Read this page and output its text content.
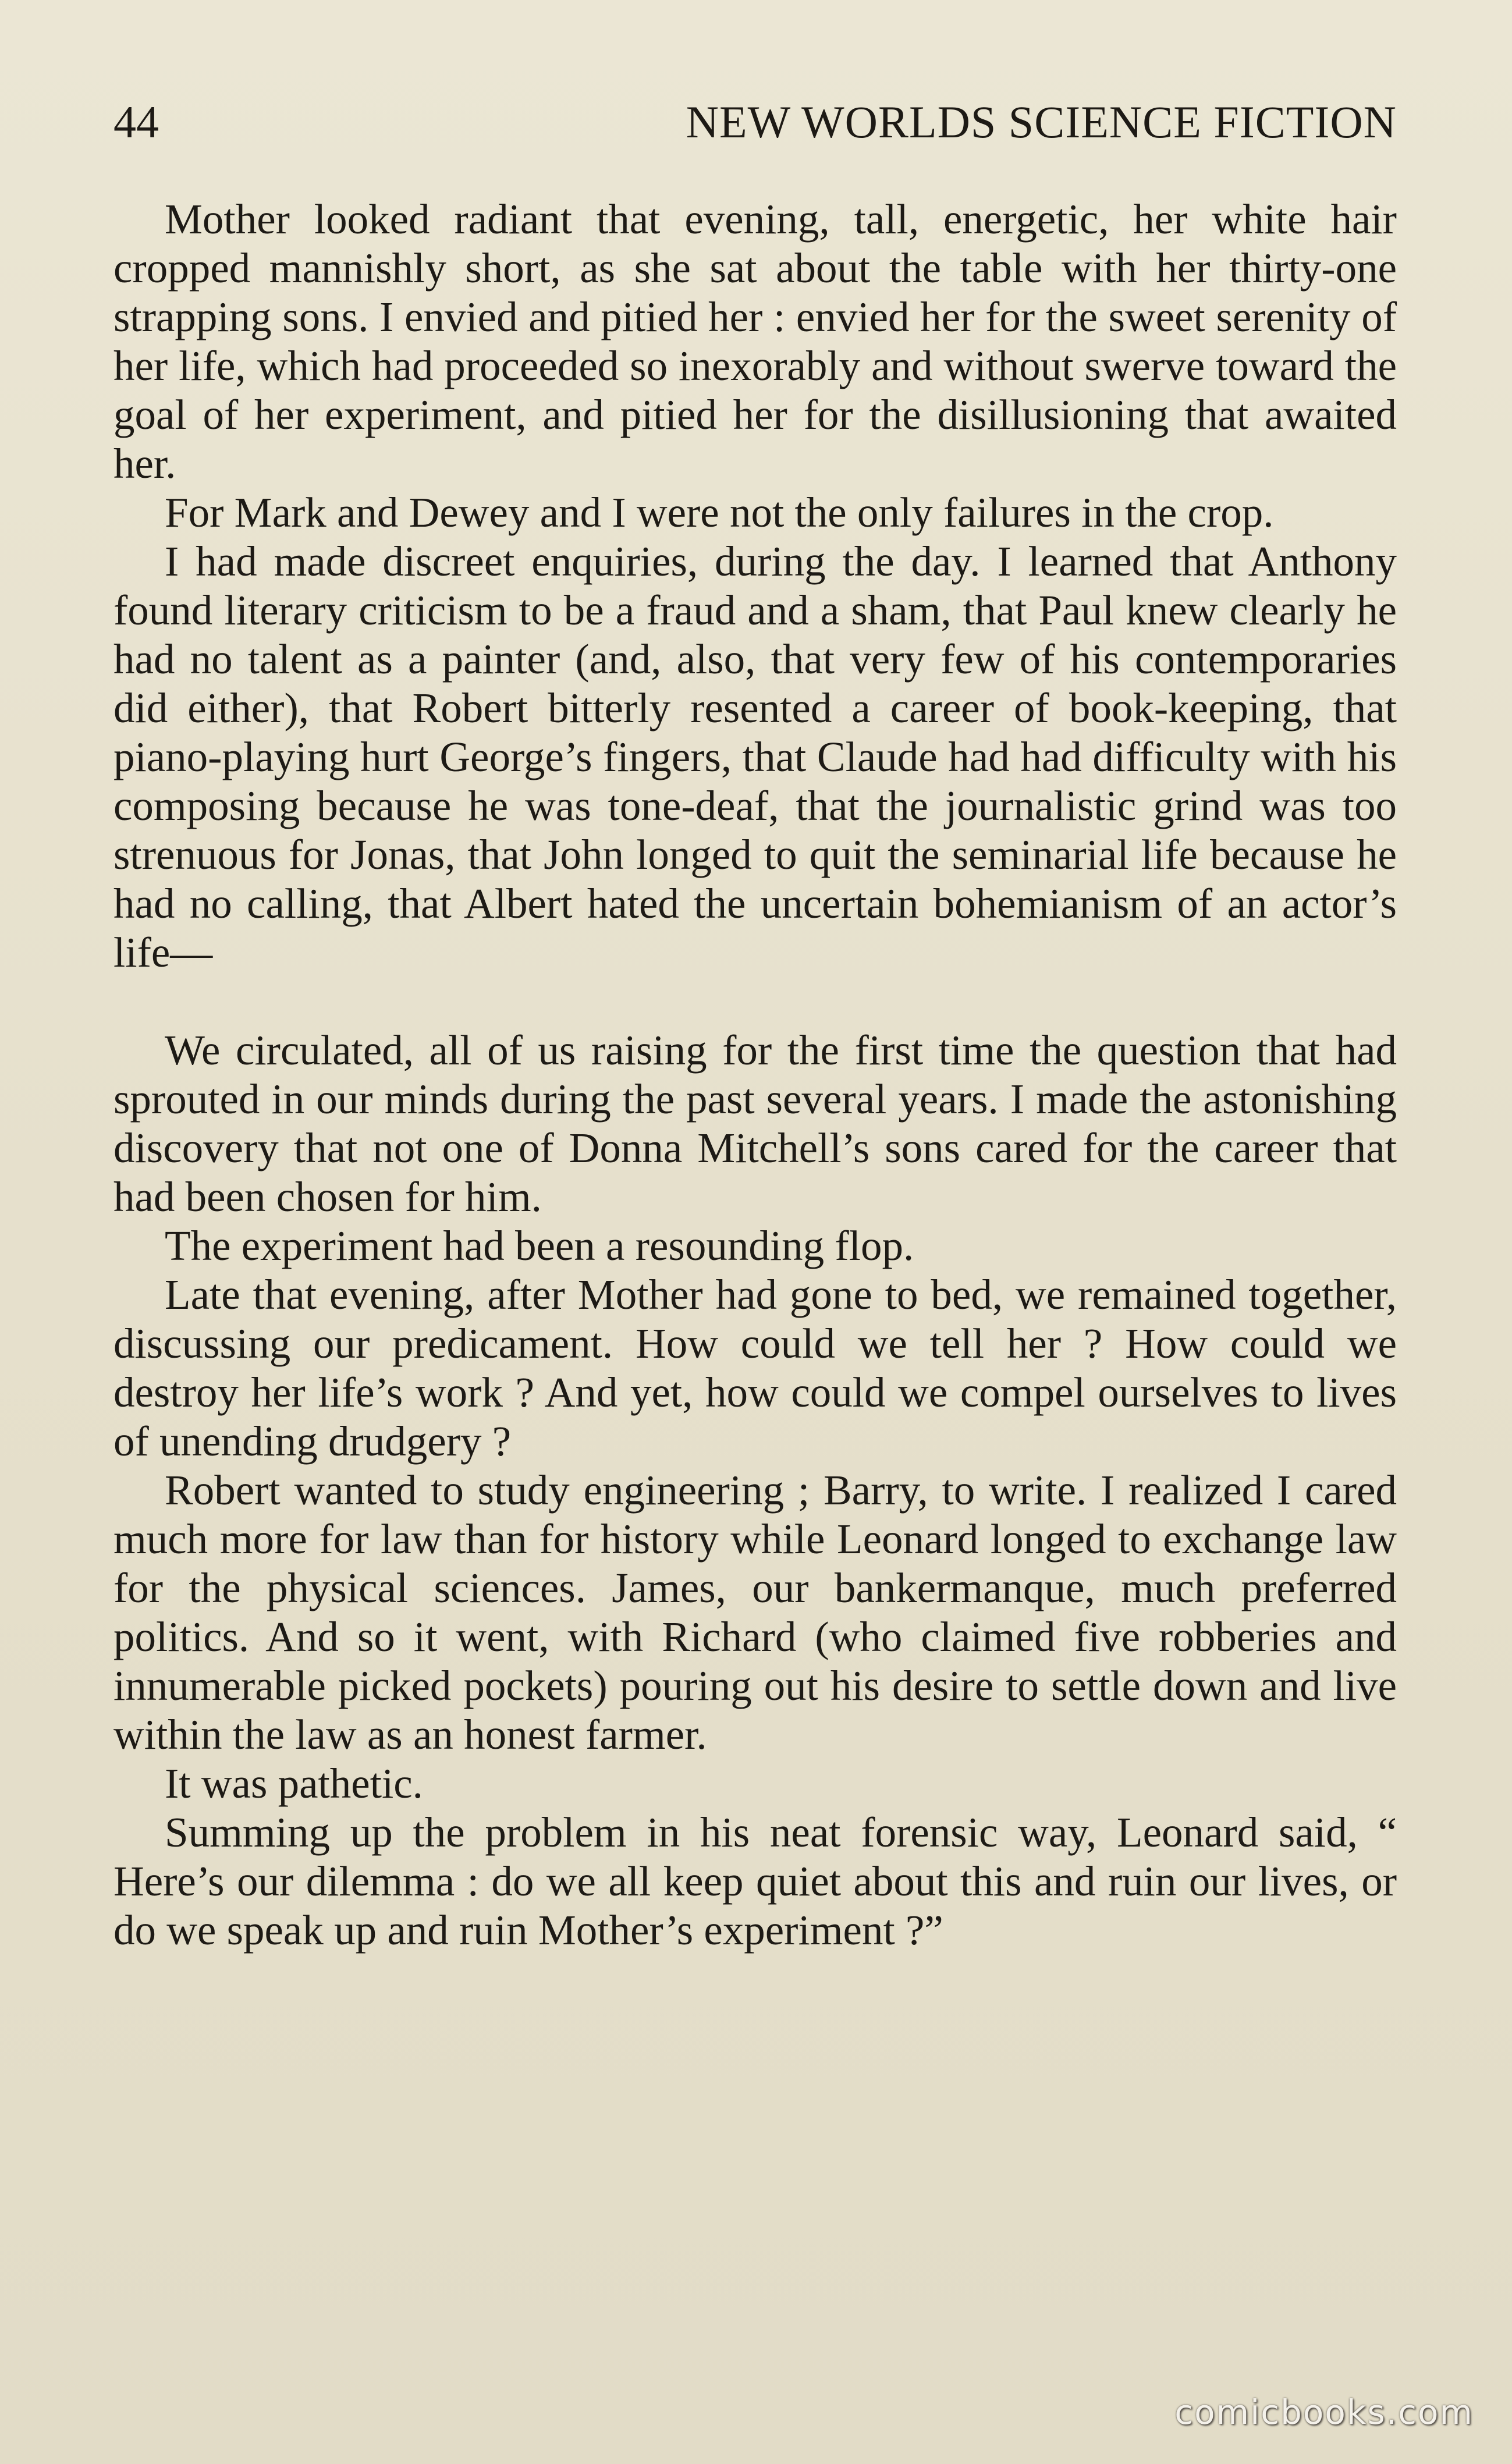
44	NEW WORLDS SCIENCE FICTION

Mother looked radiant that evening, tall, energetic, her white hair cropped mannishly short, as she sat about the table with her thirty-one strapping sons. I envied and pitied her : envied her for the sweet serenity of her life, which had proceeded so inexorably and without swerve toward the goal of her experiment, and pitied her for the disillusioning that awaited her.

For Mark and Dewey and I were not the only failures in the crop.

I had made discreet enquiries, during the day. I learned that Anthony found literary criticism to be a fraud and a sham, that Paul knew clearly he had no talent as a painter (and, also, that very few of his contemporaries did either), that Robert bitterly resented a career of book-keeping, that piano-playing hurt George’s fingers, that Claude had had difficulty with his composing because he was tone-deaf, that the journalistic grind was too strenuous for Jonas, that John longed to quit the seminarial life because he had no calling, that Albert hated the uncertain bohemianism of an actor’s life—

We circulated, all of us raising for the first time the question that had sprouted in our minds during the past several years. I made the astonishing discovery that not one of Donna Mitchell’s sons cared for the career that had been chosen for him.

The experiment had been a resounding flop.

Late that evening, after Mother had gone to bed, we remained together, discussing our predicament. How could we tell her ? How could we destroy her life’s work ? And yet, how could we compel ourselves to lives of unending drudgery ?

Robert wanted to study engineering ; Barry, to write. I realized I cared much more for law than for history while Leonard longed to exchange law for the physical sciences. James, our bankermanque, much preferred politics. And so it went, with Richard (who claimed five robberies and innumerable picked pockets) pouring out his desire to settle down and live within the law as an honest farmer.

It was pathetic.

Summing up the problem in his neat forensic way, Leonard said, “ Here’s our dilemma : do we all keep quiet about this and ruin our lives, or do we speak up and ruin Mother’s experiment ?”

comicbooks.com
